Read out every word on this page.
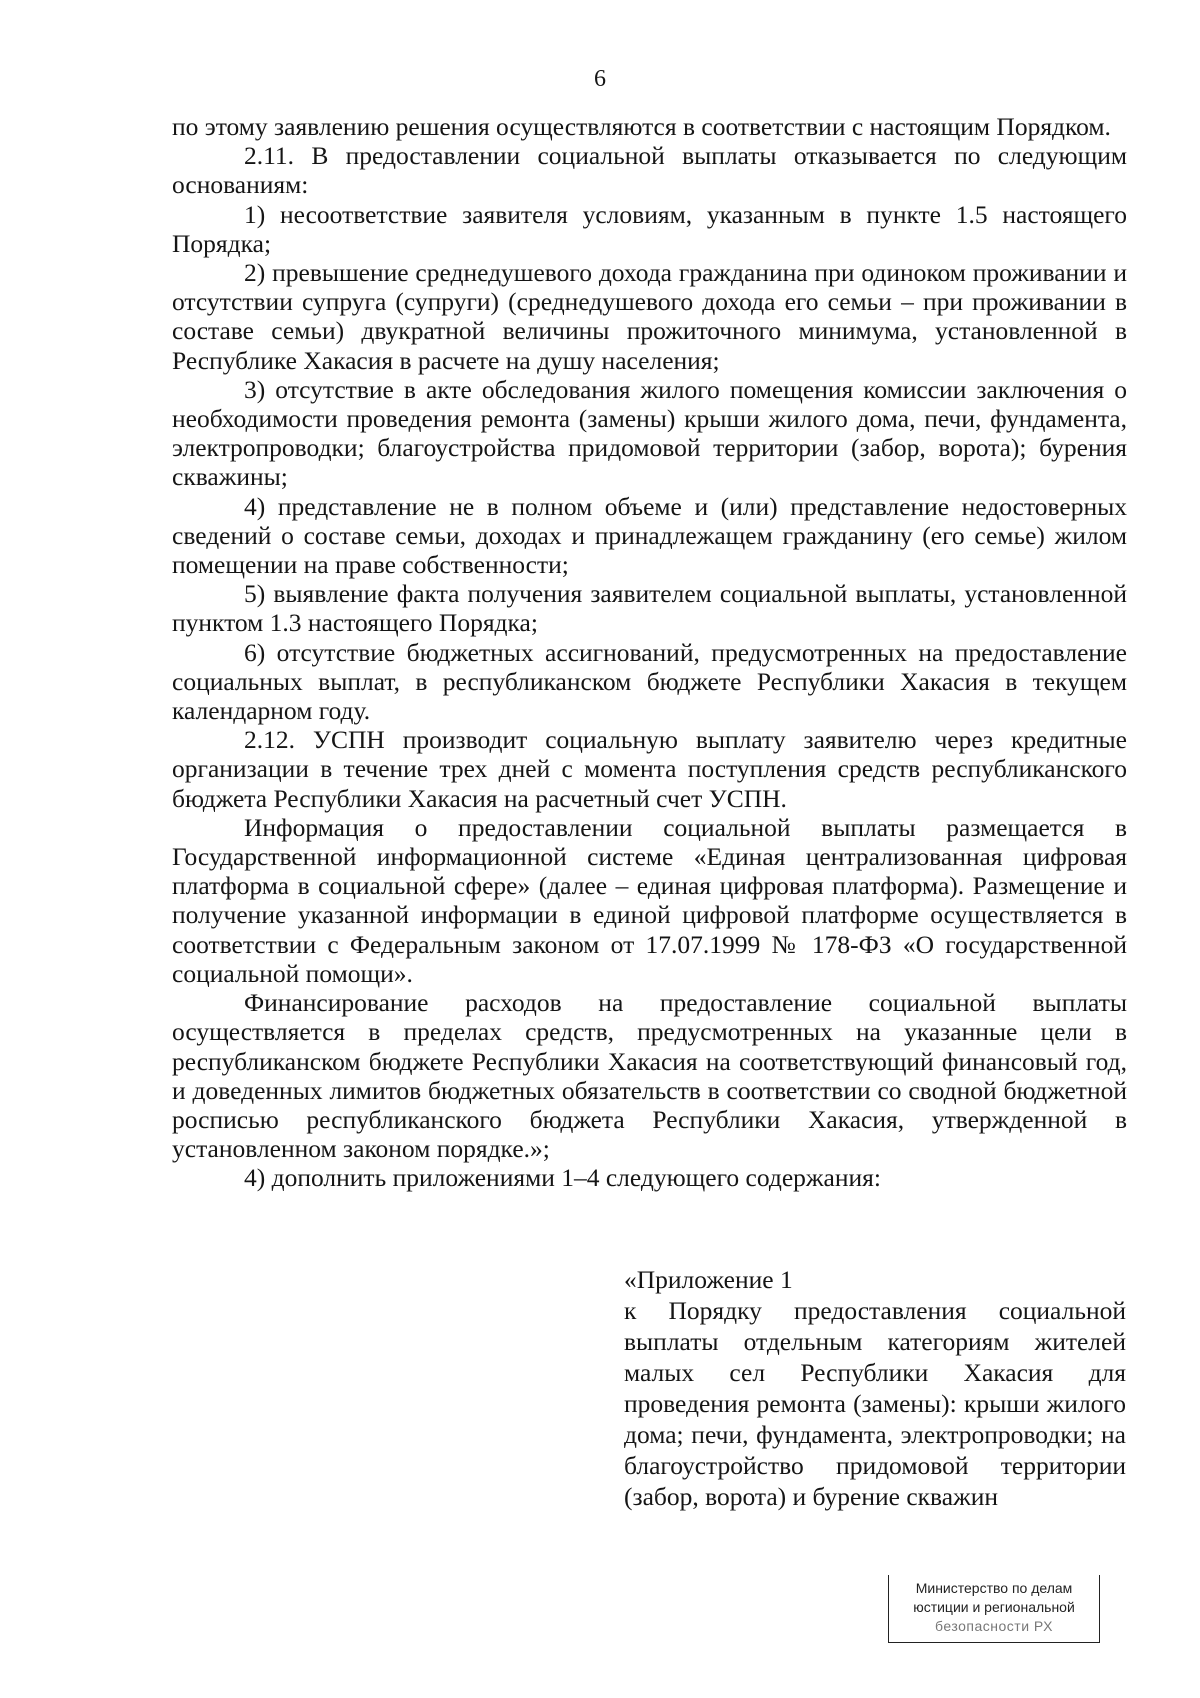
6

по этому заявлению решения осуществляются в соответствии с настоящим Порядком.

2.11. В предоставлении социальной выплаты отказывается по следующим основаниям:

1) несоответствие заявителя условиям, указанным в пункте 1.5 настоящего Порядка;

2) превышение среднедушевого дохода гражданина при одиноком проживании и отсутствии супруга (супруги) (среднедушевого дохода его семьи – при проживании в составе семьи) двукратной величины прожиточного минимума, установленной в Республике Хакасия в расчете на душу населения;

3) отсутствие в акте обследования жилого помещения комиссии заключения о необходимости проведения ремонта (замены) крыши жилого дома, печи, фундамента, электропроводки; благоустройства придомовой территории (забор, ворота); бурения скважины;

4) представление не в полном объеме и (или) представление недостоверных сведений о составе семьи, доходах и принадлежащем гражданину (его семье) жилом помещении на праве собственности;

5) выявление факта получения заявителем социальной выплаты, установленной пунктом 1.3 настоящего Порядка;

6) отсутствие бюджетных ассигнований, предусмотренных на предоставление социальных выплат, в республиканском бюджете Республики Хакасия в текущем календарном году.

2.12. УСПН производит социальную выплату заявителю через кредитные организации в течение трех дней с момента поступления средств республиканского бюджета Республики Хакасия на расчетный счет УСПН.

Информация о предоставлении социальной выплаты размещается в Государственной информационной системе «Единая централизованная цифровая платформа в социальной сфере» (далее – единая цифровая платформа). Размещение и получение указанной информации в единой цифровой платформе осуществляется в соответствии с Федеральным законом от 17.07.1999 № 178-ФЗ «О государственной социальной помощи».

Финансирование расходов на предоставление социальной выплаты осуществляется в пределах средств, предусмотренных на указанные цели в республиканском бюджете Республики Хакасия на соответствующий финансовый год, и доведенных лимитов бюджетных обязательств в соответствии со сводной бюджетной росписью республиканского бюджета Республики Хакасия, утвержденной в установленном законом порядке.»;

4) дополнить приложениями 1–4 следующего содержания:

«Приложение 1

к Порядку предоставления социальной выплаты отдельным категориям жителей малых сел Республики Хакасия для проведения ремонта (замены): крыши жилого дома; печи, фундамента, электропроводки; на благоустройство придомовой территории (забор, ворота) и бурение скважин

Министерство по делам
юстиции и региональной
безопасности РХ
